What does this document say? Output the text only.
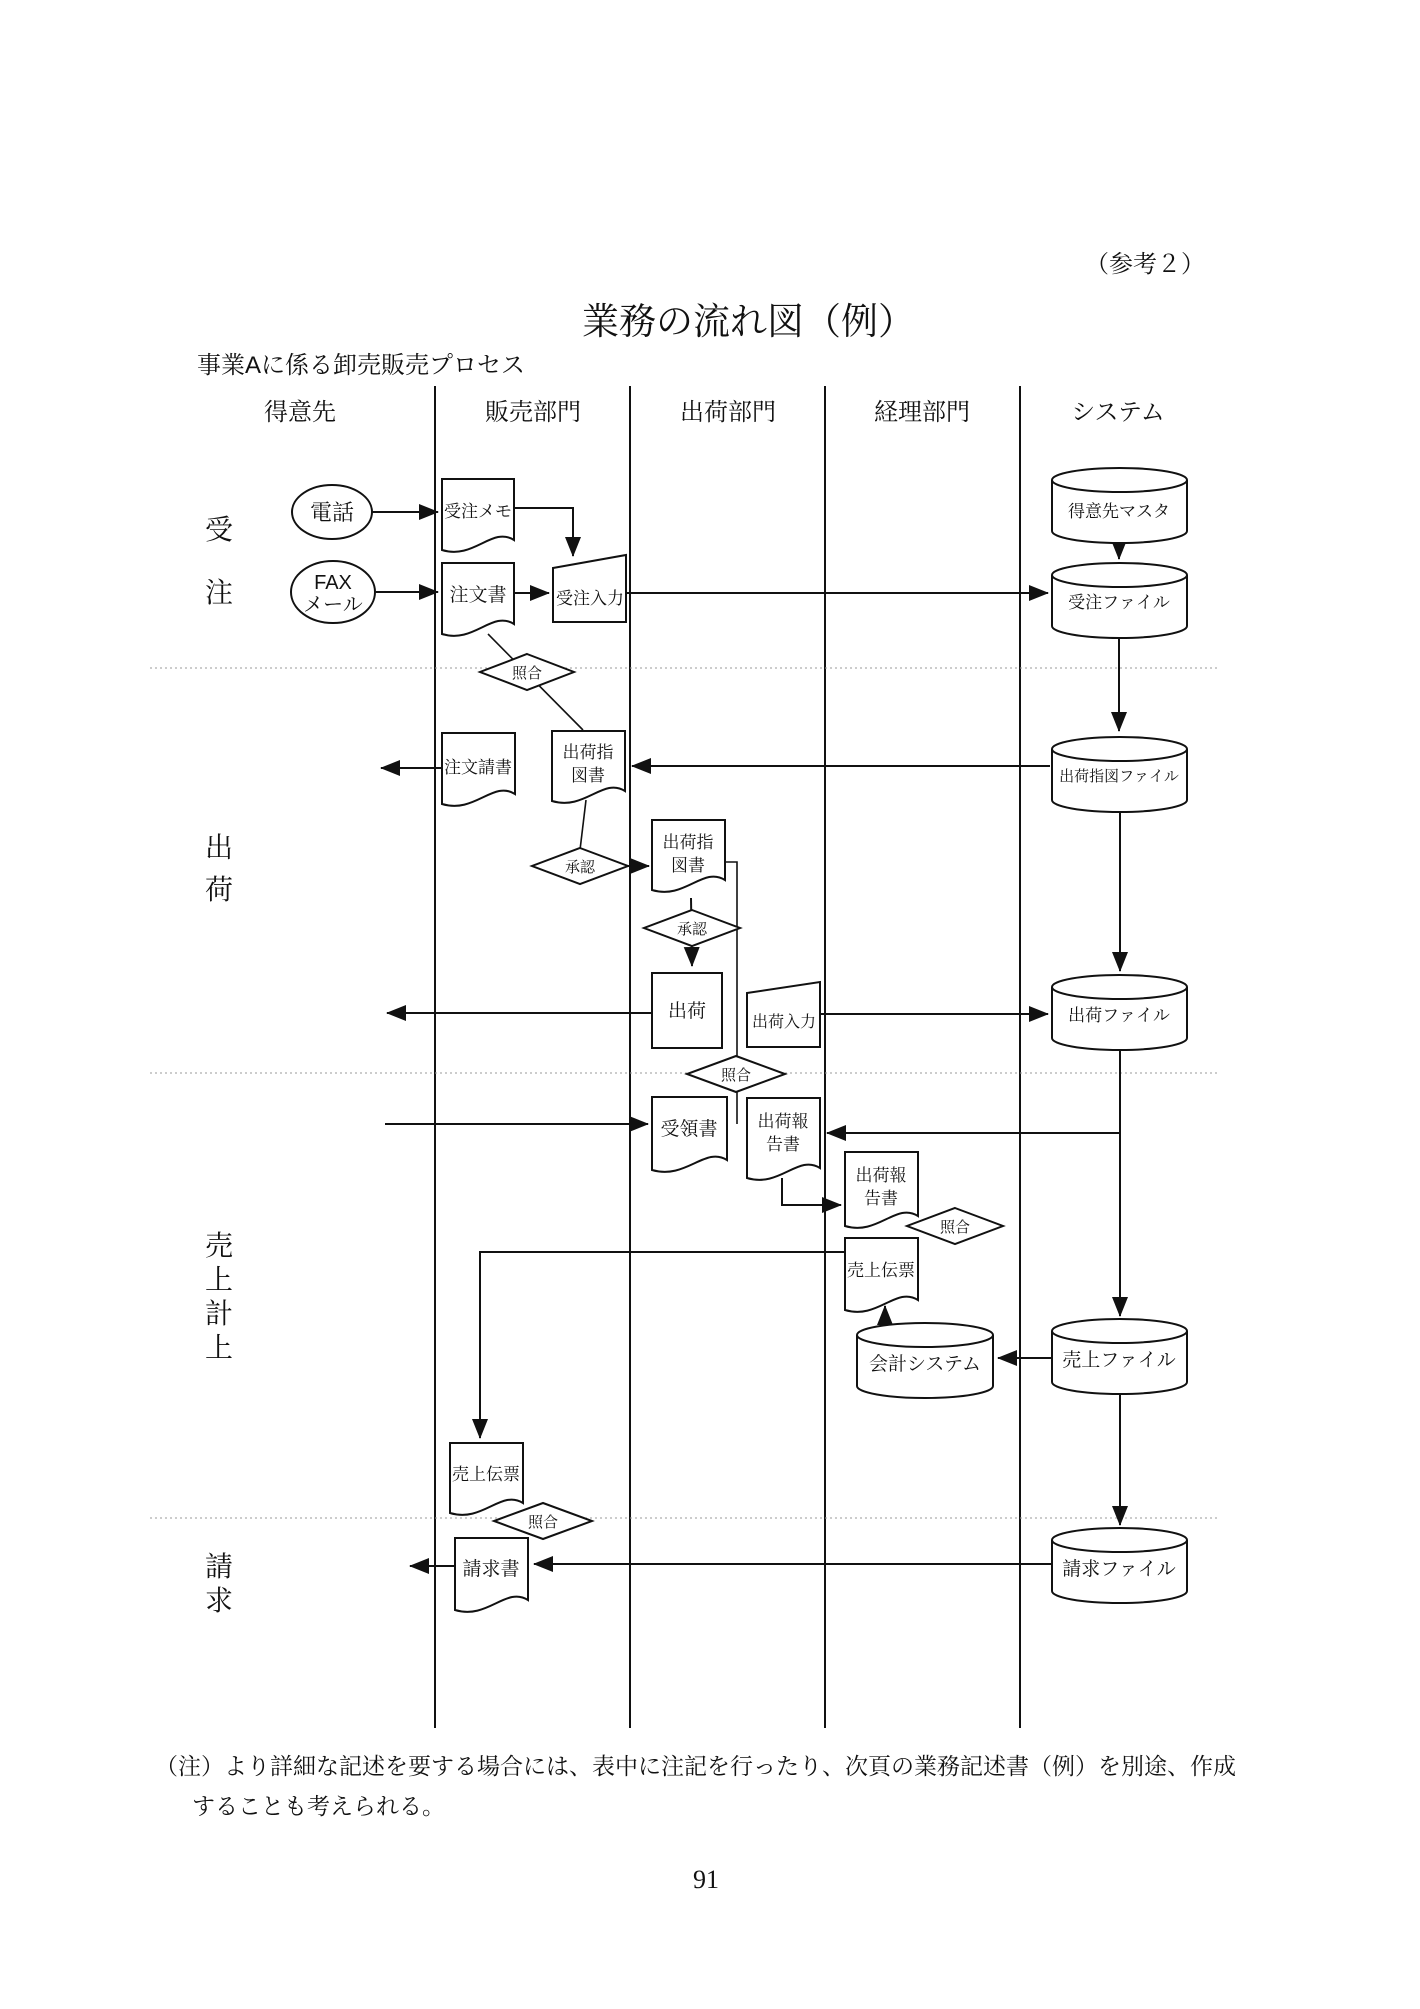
（参考２）
業務の流れ図（例）
事業Aに係る卸売販売プロセス
得意先	販売部門	出荷部門	経理部門	システム
受
注
出
荷
売
上
計
上
請
求
電話
FAX
メール
受注メモ
注文書	受注入力
照合
得意先マスタ
受注ファイル
注文請書
出荷指
図書	出荷指図ファイル
承認
出荷指
図書
承認
出荷
出荷入力	出荷ファイル
照合
受領書 出荷報
告書
出荷報
告書
照合
売上伝票
会計システム	売上ファイル
売上伝票
照合
請求書	請求ファイル
（注）より詳細な記述を要する場合には、表中に注記を行ったり、次頁の業務記述書（例）を別途、作成
することも考えられる。
91
